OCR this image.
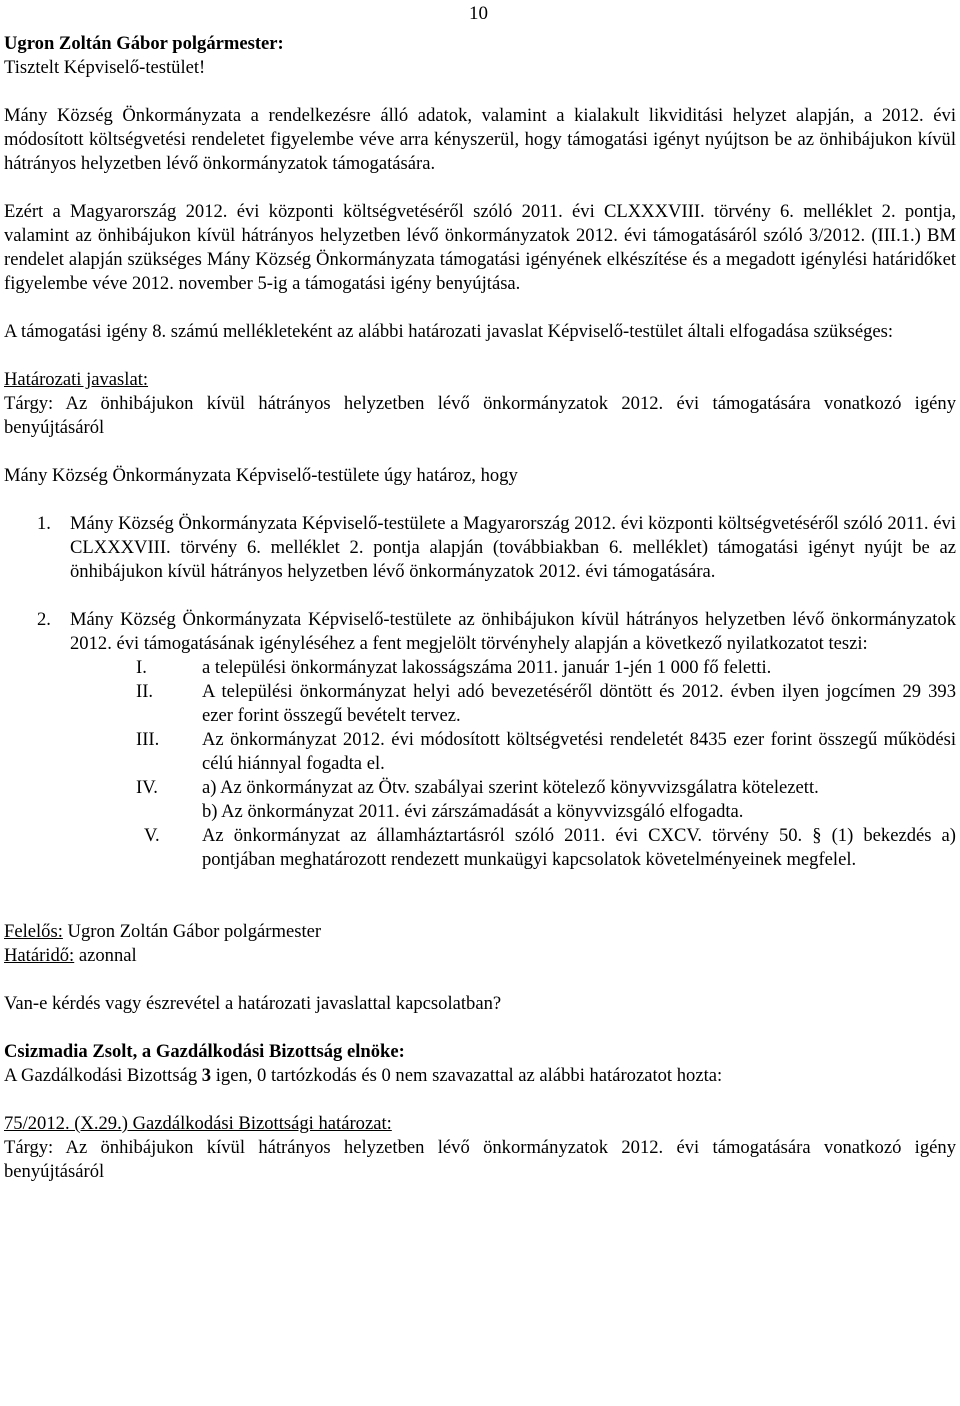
10

Ugron Zoltán Gábor polgármester:

Tisztelt Képviselő-testület!

Mány Község Önkormányzata a rendelkezésre álló adatok, valamint a kialakult likviditási helyzet alapján, a 2012. évi módosított költségvetési rendeletet figyelembe véve arra kényszerül, hogy támogatási igényt nyújtson be az önhibájukon kívül hátrányos helyzetben lévő önkormányzatok támogatására.

Ezért a Magyarország 2012. évi központi költségvetéséről szóló 2011. évi CLXXXVIII. törvény 6. melléklet 2. pontja, valamint az önhibájukon kívül hátrányos helyzetben lévő önkormányzatok 2012. évi támogatásáról szóló 3/2012. (III.1.) BM rendelet alapján szükséges Mány Község Önkormányzata támogatási igényének elkészítése és a megadott igénylési határidőket figyelembe véve 2012. november 5-ig a támogatási igény benyújtása.

A támogatási igény 8. számú mellékleteként az alábbi határozati javaslat Képviselő-testület általi elfogadása szükséges:

Határozati javaslat:

Tárgy: Az önhibájukon kívül hátrányos helyzetben lévő önkormányzatok 2012. évi támogatására vonatkozó igény benyújtásáról

Mány Község Önkormányzata Képviselő-testülete úgy határoz, hogy

1.	Mány Község Önkormányzata Képviselő-testülete a Magyarország 2012. évi központi költségvetéséről szóló 2011. évi CLXXXVIII. törvény 6. melléklet 2. pontja alapján (továbbiakban 6. melléklet) támogatási igényt nyújt be az önhibájukon kívül hátrányos helyzetben lévő önkormányzatok 2012. évi támogatására.
2.	Mány Község Önkormányzata Képviselő-testülete az önhibájukon kívül hátrányos helyzetben lévő önkormányzatok 2012. évi támogatásának igényléséhez a fent megjelölt törvényhely alapján a következő nyilatkozatot teszi:
I.	a települési önkormányzat lakosságszáma 2011. január 1-jén 1 000 fő feletti.
II.	A települési önkormányzat helyi adó bevezetéséről döntött és 2012. évben ilyen jogcímen 29 393 ezer forint összegű bevételt tervez.
III.	Az önkormányzat 2012. évi módosított költségvetési rendeletét 8435 ezer forint összegű működési célú hiánnyal fogadta el.
IV.	a) Az önkormányzat az Ötv. szabályai szerint kötelező könyvvizsgálatra kötelezett.
b) Az önkormányzat 2011. évi zárszámadását a könyvvizsgáló elfogadta.
V.	Az önkormányzat az államháztartásról szóló 2011. évi CXCV. törvény 50. § (1) bekezdés a) pontjában meghatározott rendezett munkaügyi kapcsolatok követelményeinek megfelel.

Felelős: Ugron Zoltán Gábor polgármester

Határidő: azonnal

Van-e kérdés vagy észrevétel a határozati javaslattal kapcsolatban?

Csizmadia Zsolt, a Gazdálkodási Bizottság elnöke:

A Gazdálkodási Bizottság 3 igen, 0 tartózkodás és 0 nem szavazattal az alábbi határozatot hozta:

75/2012. (X.29.) Gazdálkodási Bizottsági határozat:

Tárgy: Az önhibájukon kívül hátrányos helyzetben lévő önkormányzatok 2012. évi támogatására vonatkozó igény benyújtásáról
